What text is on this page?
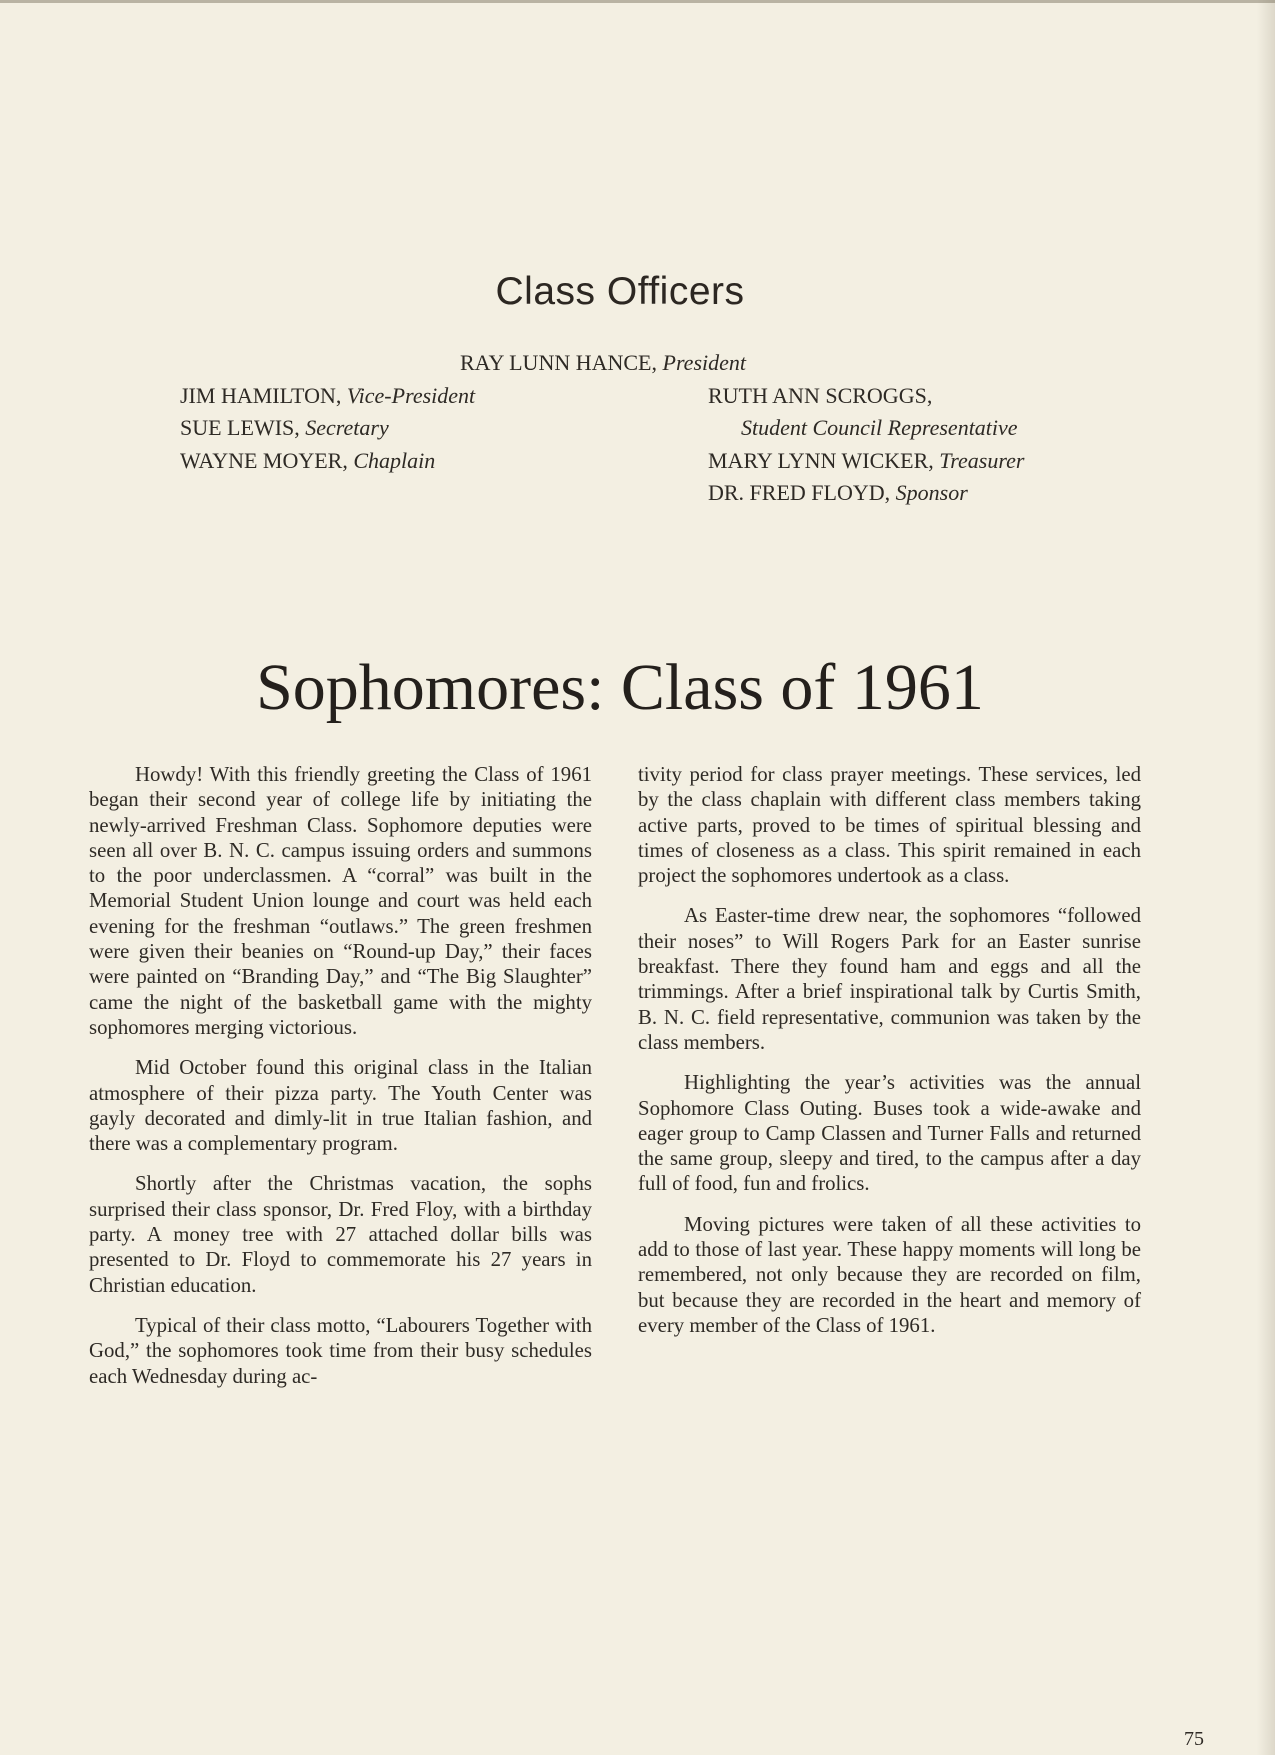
Class Officers
RAY LUNN HANCE, President
JIM HAMILTON, Vice-President
SUE LEWIS, Secretary
WAYNE MOYER, Chaplain
RUTH ANN SCROGGS,
Student Council Representative
MARY LYNN WICKER, Treasurer
DR. FRED FLOYD, Sponsor
Sophomores: Class of 1961

Howdy! With this friendly greeting the Class of 1961 began their second year of college life by initiating the newly-arrived Freshman Class. Sophomore deputies were seen all over B. N. C. campus issuing orders and summons to the poor underclassmen. A “corral” was built in the Memorial Student Union lounge and court was held each evening for the freshman “outlaws.” The green freshmen were given their beanies on “Round-up Day,” their faces were painted on “Branding Day,” and “The Big Slaughter” came the night of the basketball game with the mighty sophomores merging victorious.

Mid October found this original class in the Italian atmosphere of their pizza party. The Youth Center was gayly decorated and dimly-lit in true Italian fashion, and there was a complementary program.

Shortly after the Christmas vacation, the sophs surprised their class sponsor, Dr. Fred Floy, with a birthday party. A money tree with 27 attached dollar bills was presented to Dr. Floyd to commemorate his 27 years in Christian education.

Typical of their class motto, “Labourers Together with God,” the sophomores took time from their busy schedules each Wednesday during ac-

tivity period for class prayer meetings. These services, led by the class chaplain with different class members taking active parts, proved to be times of spiritual blessing and times of closeness as a class. This spirit remained in each project the sophomores undertook as a class.

As Easter-time drew near, the sophomores “followed their noses” to Will Rogers Park for an Easter sunrise breakfast. There they found ham and eggs and all the trimmings. After a brief inspirational talk by Curtis Smith, B. N. C. field representative, communion was taken by the class members.

Highlighting the year’s activities was the annual Sophomore Class Outing. Buses took a wide-awake and eager group to Camp Classen and Turner Falls and returned the same group, sleepy and tired, to the campus after a day full of food, fun and frolics.

Moving pictures were taken of all these activities to add to those of last year. These happy moments will long be remembered, not only because they are recorded on film, but because they are recorded in the heart and memory of every member of the Class of 1961.

75
